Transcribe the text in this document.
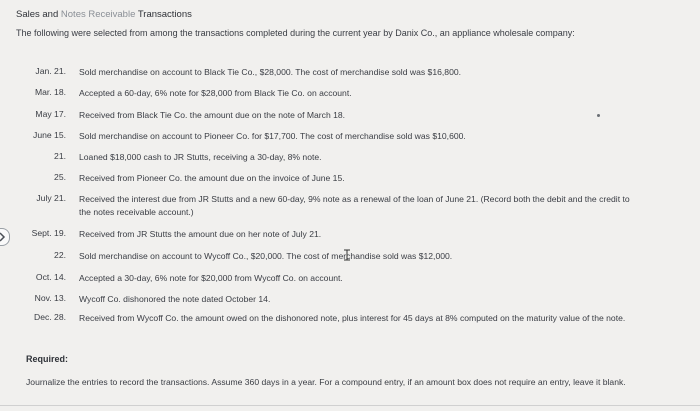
Sales and Notes Receivable Transactions
The following were selected from among the transactions completed during the current year by Danix Co., an appliance wholesale company:
Jan. 21. Sold merchandise on account to Black Tie Co., $28,000. The cost of merchandise sold was $16,800.
Mar. 18. Accepted a 60-day, 6% note for $28,000 from Black Tie Co. on account.
May 17. Received from Black Tie Co. the amount due on the note of March 18.
June 15. Sold merchandise on account to Pioneer Co. for $17,700. The cost of merchandise sold was $10,600.
21. Loaned $18,000 cash to JR Stutts, receiving a 30-day, 8% note.
25. Received from Pioneer Co. the amount due on the invoice of June 15.
July 21. Received the interest due from JR Stutts and a new 60-day, 9% note as a renewal of the loan of June 21. (Record both the debit and the credit to the notes receivable account.)
Sept. 19. Received from JR Stutts the amount due on her note of July 21.
22. Sold merchandise on account to Wycoff Co., $20,000. The cost of merchandise sold was $12,000.
Oct. 14. Accepted a 30-day, 6% note for $20,000 from Wycoff Co. on account.
Nov. 13. Wycoff Co. dishonored the note dated October 14.
Dec. 28. Received from Wycoff Co. the amount owed on the dishonored note, plus interest for 45 days at 8% computed on the maturity value of the note.
Required:
Journalize the entries to record the transactions. Assume 360 days in a year. For a compound entry, if an amount box does not require an entry, leave it blank.
